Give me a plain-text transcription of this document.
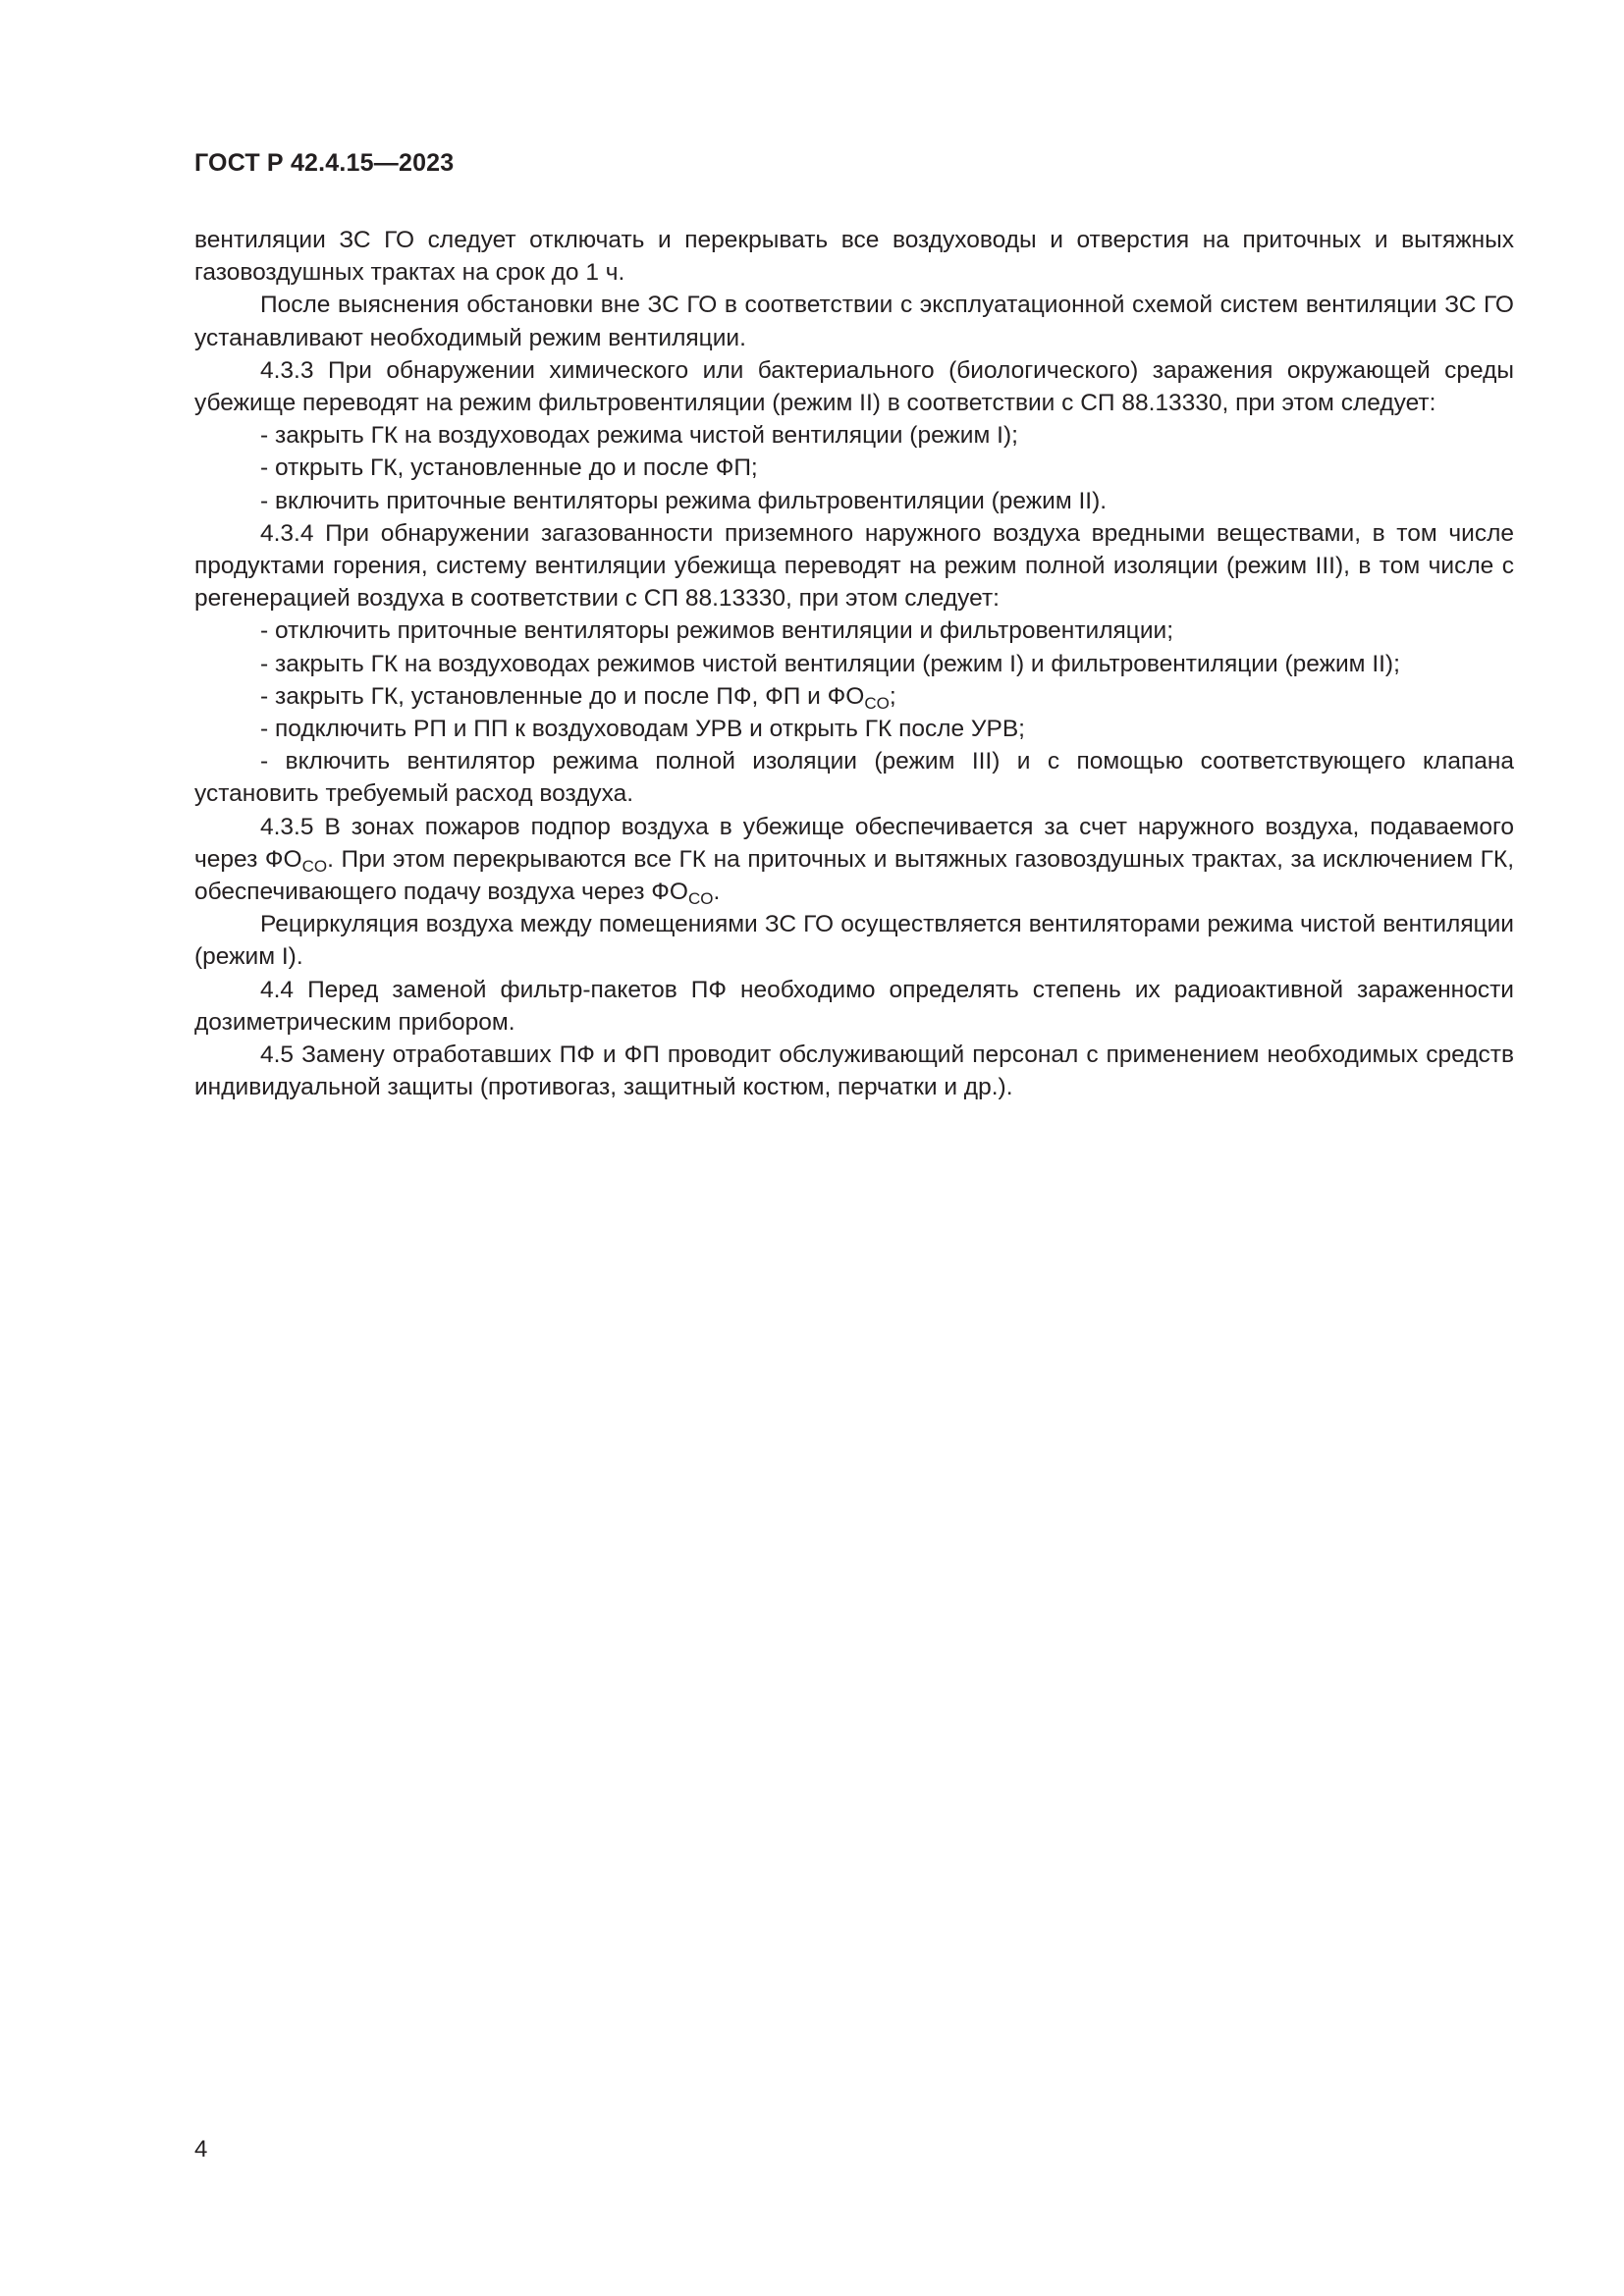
ГОСТ Р 42.4.15—2023

вентиляции ЗС ГО следует отключать и перекрывать все воздуховоды и отверстия на приточных и вытяжных газовоздушных трактах на срок до 1 ч.

После выяснения обстановки вне ЗС ГО в соответствии с эксплуатационной схемой систем вентиляции ЗС ГО устанавливают необходимый режим вентиляции.

4.3.3 При обнаружении химического или бактериального (биологического) заражения окружающей среды убежище переводят на режим фильтровентиляции (режим II) в соответствии с СП 88.13330, при этом следует:

- закрыть ГК на воздуховодах режима чистой вентиляции (режим I);

- открыть ГК, установленные до и после ФП;

- включить приточные вентиляторы режима фильтровентиляции (режим II).

4.3.4 При обнаружении загазованности приземного наружного воздуха вредными веществами, в том числе продуктами горения, систему вентиляции убежища переводят на режим полной изоляции (режим III), в том числе с регенерацией воздуха в соответствии с СП 88.13330, при этом следует:

- отключить приточные вентиляторы режимов вентиляции и фильтровентиляции;

- закрыть ГК на воздуховодах режимов чистой вентиляции (режим I) и фильтровентиляции (режим II);

- закрыть ГК, установленные до и после ПФ, ФП и $ФО_{CO}$;

- подключить РП и ПП к воздуховодам УРВ и открыть ГК после УРВ;

- включить вентилятор режима полной изоляции (режим III) и с помощью соответствующего клапана установить требуемый расход воздуха.

4.3.5 В зонах пожаров подпор воздуха в убежище обеспечивается за счет наружного воздуха, подаваемого через $ФО_{CO}$. При этом перекрываются все ГК на приточных и вытяжных газовоздушных трактах, за исключением ГК, обеспечивающего подачу воздуха через $ФО_{CO}$.

Рециркуляция воздуха между помещениями ЗС ГО осуществляется вентиляторами режима чистой вентиляции (режим I).

4.4 Перед заменой фильтр-пакетов ПФ необходимо определять степень их радиоактивной зараженности дозиметрическим прибором.

4.5 Замену отработавших ПФ и ФП проводит обслуживающий персонал с применением необходимых средств индивидуальной защиты (противогаз, защитный костюм, перчатки и др.).

4
